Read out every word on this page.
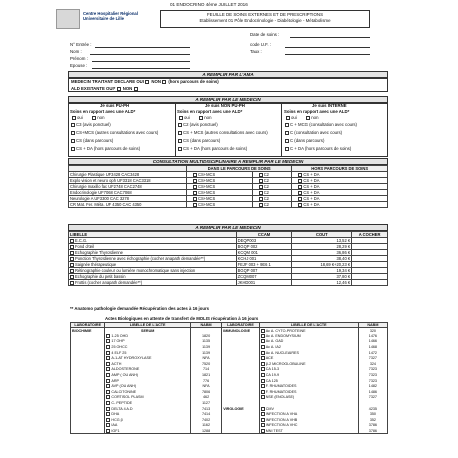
01 ENDOCRINO 4ème JUILLET 2016
Centre Hospitalier Régional
Universitaire de Lille
FEUILLE DE SOINS EXTERNES ET DE PRESCRIPTIONS
Etablissement 01 Pôle Endocrinologie - Diabétologie - Métabolisme
Date de soins :
N° Entrée :
Nom :
Prénom :
Epouse :
code U.F. :
Taux :
A REMPLIR PAR L'AMA
MEDECIN TRAITANT DECLARE OUI NON (hors parcours de soins)
ALD EXISTANTE OUI* NON
A REMPLIR PAR LE MEDECIN
Je suis PU-PH	Je suis NON PU-PH	Je suis INTERNE
Soins en rapport avec une ALD*	Soins en rapport avec une ALD*	Soins en rapport avec une ALD*
oui	non	oui	non	oui	non
C3 (avis ponctuel)
CS+MCS (autres consultations avec cours)
CS (dans parcours)
CS + DA (hors parcours de soins)
C2 (avis ponctuel)
CS + MCS (autres consultations avec cours)
CS (dans parcours)
CS + DA (hors parcours de soins)
C + MCG (consultation avec cours)
C (consultation avec cours)
C (dans parcours)
C + DA (hors parcours de soins)
CONSULTATION MULTIDISCIPLINAIRE A REMPLIR PAR LE MEDECIN
	DANS LE PARCOURS DE SOINS		HORS PARCOURS DE SOINS
Chirurgie Plastique UF3428 CAC3428	CS+MCS	C2	CS + DA
Explo vision et neuro oph UF3318 CAC3318	CS+MCS	C2	CS + DA
Chirurgie maxillo fac UF2748 CAC2748	CS+MCS	C2	CS + DA
Endocrinologie UF7068 CAC7068	CS+MCS	C2	CS + DA
Neurologie A UF3300 CAC 3278	CS+MCS	C2	CS + DA
CR Mat. Fer. Méta. UF 4350 CAC 4350	CS+MCS	C2	CS + DA
A REMPLIR PAR LE MEDECIN
LIBELLE	CCAM	COUT	A COCHER
E.C.G.	DEQP003	13,52 €	
Fond d'œil	BGQP 002	28,29 €	
Echographie Thyroïdienne	KCQM 001	36,86 €	
Ponction Thyroïdienne avec échographie (cocher anapath demandée**)	KCHJ 001	38,40 €	
Saignée thérapeutique	FEJF 003 + 9E6 1	18,69 €+20,23 €	
Rétinographie couleur ou lumière monochromatique sans injection	BGQP 007	19,34 €	
Echographie du petit bassin	ZCQM007	37,80 €	
Frottis (cocher anapath demandée**)	JKHD001	12,46 €	
** Anatomo pathologie demandée Récupération des actes à 16 jours
Actes Biologiques en attente de transfert de MOLIS récupération à 16 jours
LABORATOIRE	LIBELLE DE L'ACTE	NABM	LABORATOIRE	LIBELLE DE L'ACTE	NABM
BIOCHIMIE	SERUM		IMMUNOLOGIE	Ac A. CYTO-PROTEINE	320
	1-25 OHD	1820		Ac A. ENDOMYSIUM	1476
	17 OHP	1135		Ac A. GAD	1466
	25 OHCC	1139		Ac A. IA2	1468
	4 ELF 25	1139		Ac A. NUCLEAIRES	1472
	A-1-AT HYDROXYLASE	NFA		ACE	7327
	ACTH	7520		β-2 MICROGLOBULINE	324
	ALDOSTERONE	714		CA 15-3	7323
	AMP ( OU ANH)	1821		CA 19-9	7323
	ARP	776		CA 125	7323
	AVP (OU ANH)	NFA		F. RHUMATOIDES	1482
	CALCITONINE	7806		F. RHUMATOIDES	1486
	CORTISOL PLASM	462		NSE (ENOLASE)	7327
	C- PEPTIDE	1127			
	DELTA 4 A.D	7413	VIROLOGIE	CMV	4235
	DHA	7414		INFECTION A VHA	350
	HCG β	7402		INFECTION A VHB	352
	IAA	1162		INFECTION A VHC	3786
	IGF1	1288		MNI TEST	3786
